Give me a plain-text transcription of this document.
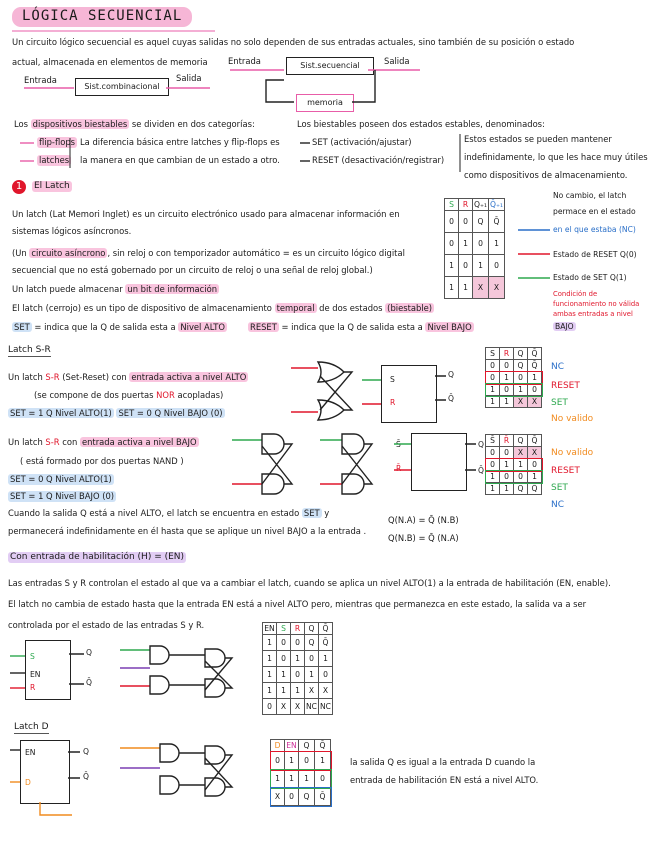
LÓGICA SECUENCIAL
Un circuito lógico secuencial es aquel cuyas salidas no solo dependen de sus entradas actuales, sino también de su posición o estado
actual, almacenada en elementos de memoria
Entrada
Sist.combinacional
Salida
Entrada	Sist.secuencial	Salida
memoria
Los dispositivos biestables se dividen en dos categorías:
flip-flops
latches
La diferencia básica entre latches y flip-flops es
la manera en que cambian de un estado a otro.
Los biestables poseen dos estados estables, denominados:
SET (activación/ajustar)
RESET (desactivación/registrar)
Estos estados se pueden mantener
indefinidamente, lo que les hace muy útiles
como dispositivos de almacenamiento.
1	El Latch
Un latch (Lat Memori Inglet) es un circuito electrónico usado para almacenar información en
sistemas lógicos asíncronos.
(Un circuito asíncrono , sin reloj o con temporizador automático = es un circuito lógico digital
secuencial que no está gobernado por un circuito de reloj o una señal de reloj global.)
Un latch puede almacenar un bit de información
El latch (cerrojo) es un tipo de dispositivo de almacenamiento temporal de dos estados (biestable)
SET = indica que la Q de salida esta a Nivel ALTO	RESET = indica que la Q de salida esta a Nivel BAJO
S	R	Q₊₁	Q̄₊₁
0	0	Q	Q̄
0	1	0	1
1	0	1	0
1	1	X	X
No cambio, el latch
permace en el estado
en el que estaba (NC)
Estado de RESET Q(0)
Estado de SET Q(1)
Condición de
funcionamiento no válida
ambas entradas a nivel
BAJO
Latch S-R
Un latch S-R (Set-Reset) con entrada activa a nivel ALTO
(se compone de dos puertas NOR acopladas)
SET = 1 Q Nivel ALTO(1) SET = 0 Q Nivel BAJO (0)
Un latch S-R con entrada activa a nivel BAJO
( está formado por dos puertas NAND )
SET = 0 Q Nivel ALTO(1)
SET = 1 Q Nivel BAJO (0)
Cuando la salida Q está a nivel ALTO, el latch se encuentra en estado SET y
permanecerá indefinidamente en él hasta que se aplique un nivel BAJO a la entrada .
Q(N.A) = Q̄ (N.B)
Q(N.B) = Q̄ (N.A)
S
R
Q
Q̄
S̄
R̄
Q
Q̄
S	R	Q	Q̄
0	0	Q	Q̄
0	1	0	1
1	0	1	0
1	1	X	X
NC
RESET
SET
No valido
S̄	R̄	Q	Q̄
0	0	X	X
0	1	1	0
1	0	0	1
1	1	Q	Q̄
No valido
RESET
SET
NC
Con entrada de habilitación (H) = (EN)
Las entradas S y R controlan el estado al que va a cambiar el latch, cuando se aplica un nivel ALTO(1) a la entrada de habilitación (EN, enable).
El latch no cambia de estado hasta que la entrada EN está a nivel ALTO pero, mientras que permanezca en este estado, la salida va a ser
controlada por el estado de las entradas S y R.
S
EN
R
Q
Q̄
EN	S	R	Q	Q̄
1	0	0	Q	Q̄
1	0	1	0	1
1	1	0	1	0
1	1	1	X	X
0	X	X	NC	NC
Latch D
EN
D
Q
Q̄
D	EN	Q	Q̄
0	1	0	1
1	1	1	0
X	0	Q	Q̄
la salida Q es igual a la entrada D cuando la
entrada de habilitación EN está a nivel ALTO.
